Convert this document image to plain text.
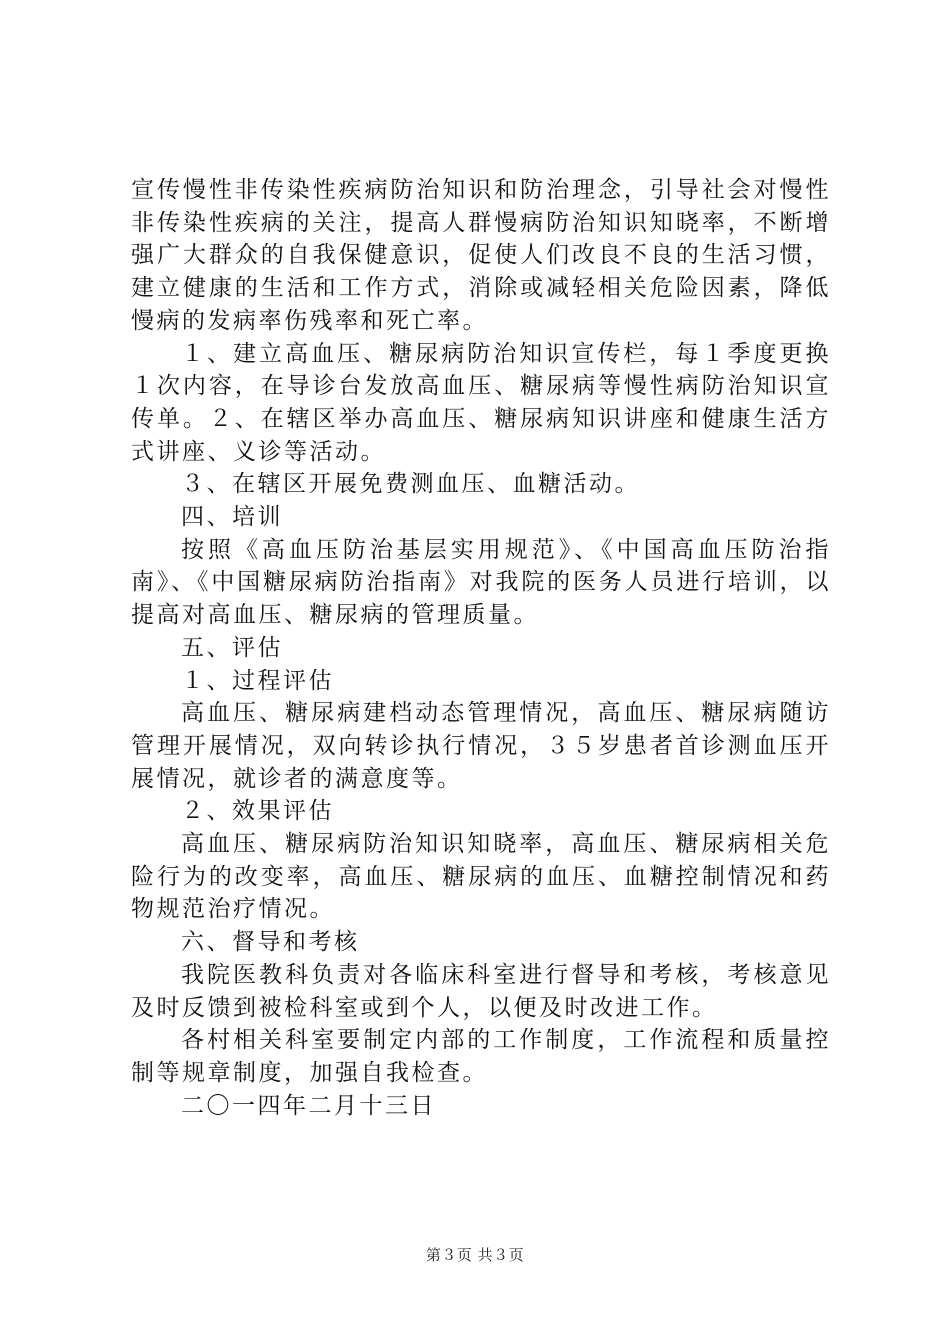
宣传慢性非传染性疾病防治知识和防治理念，引导社会对慢性非传染性疾病的关注，提高人群慢病防治知识知晓率，不断增强广大群众的自我保健意识，促使人们改良不良的生活习惯，建立健康的生活和工作方式，消除或减轻相关危险因素，降低慢病的发病率伤残率和死亡率。

１、建立高血压、糖尿病防治知识宣传栏，每１季度更换１次内容，在导诊台发放高血压、糖尿病等慢性病防治知识宣传单。２、在辖区举办高血压、糖尿病知识讲座和健康生活方式讲座、义诊等活动。

３、在辖区开展免费测血压、血糖活动。

四、培训

按照《高血压防治基层实用规范》、《中国高血压防治指南》、《中国糖尿病防治指南》对我院的医务人员进行培训，以提高对高血压、糖尿病的管理质量。

五、评估

１、过程评估

高血压、糖尿病建档动态管理情况，高血压、糖尿病随访管理开展情况，双向转诊执行情况，３５岁患者首诊测血压开展情况，就诊者的满意度等。

２、效果评估

高血压、糖尿病防治知识知晓率，高血压、糖尿病相关危险行为的改变率，高血压、糖尿病的血压、血糖控制情况和药物规范治疗情况。

六、督导和考核

我院医教科负责对各临床科室进行督导和考核，考核意见及时反馈到被检科室或到个人，以便及时改进工作。

各村相关科室要制定内部的工作制度，工作流程和质量控制等规章制度，加强自我检查。

二〇一四年二月十三日

第３页 共３页
